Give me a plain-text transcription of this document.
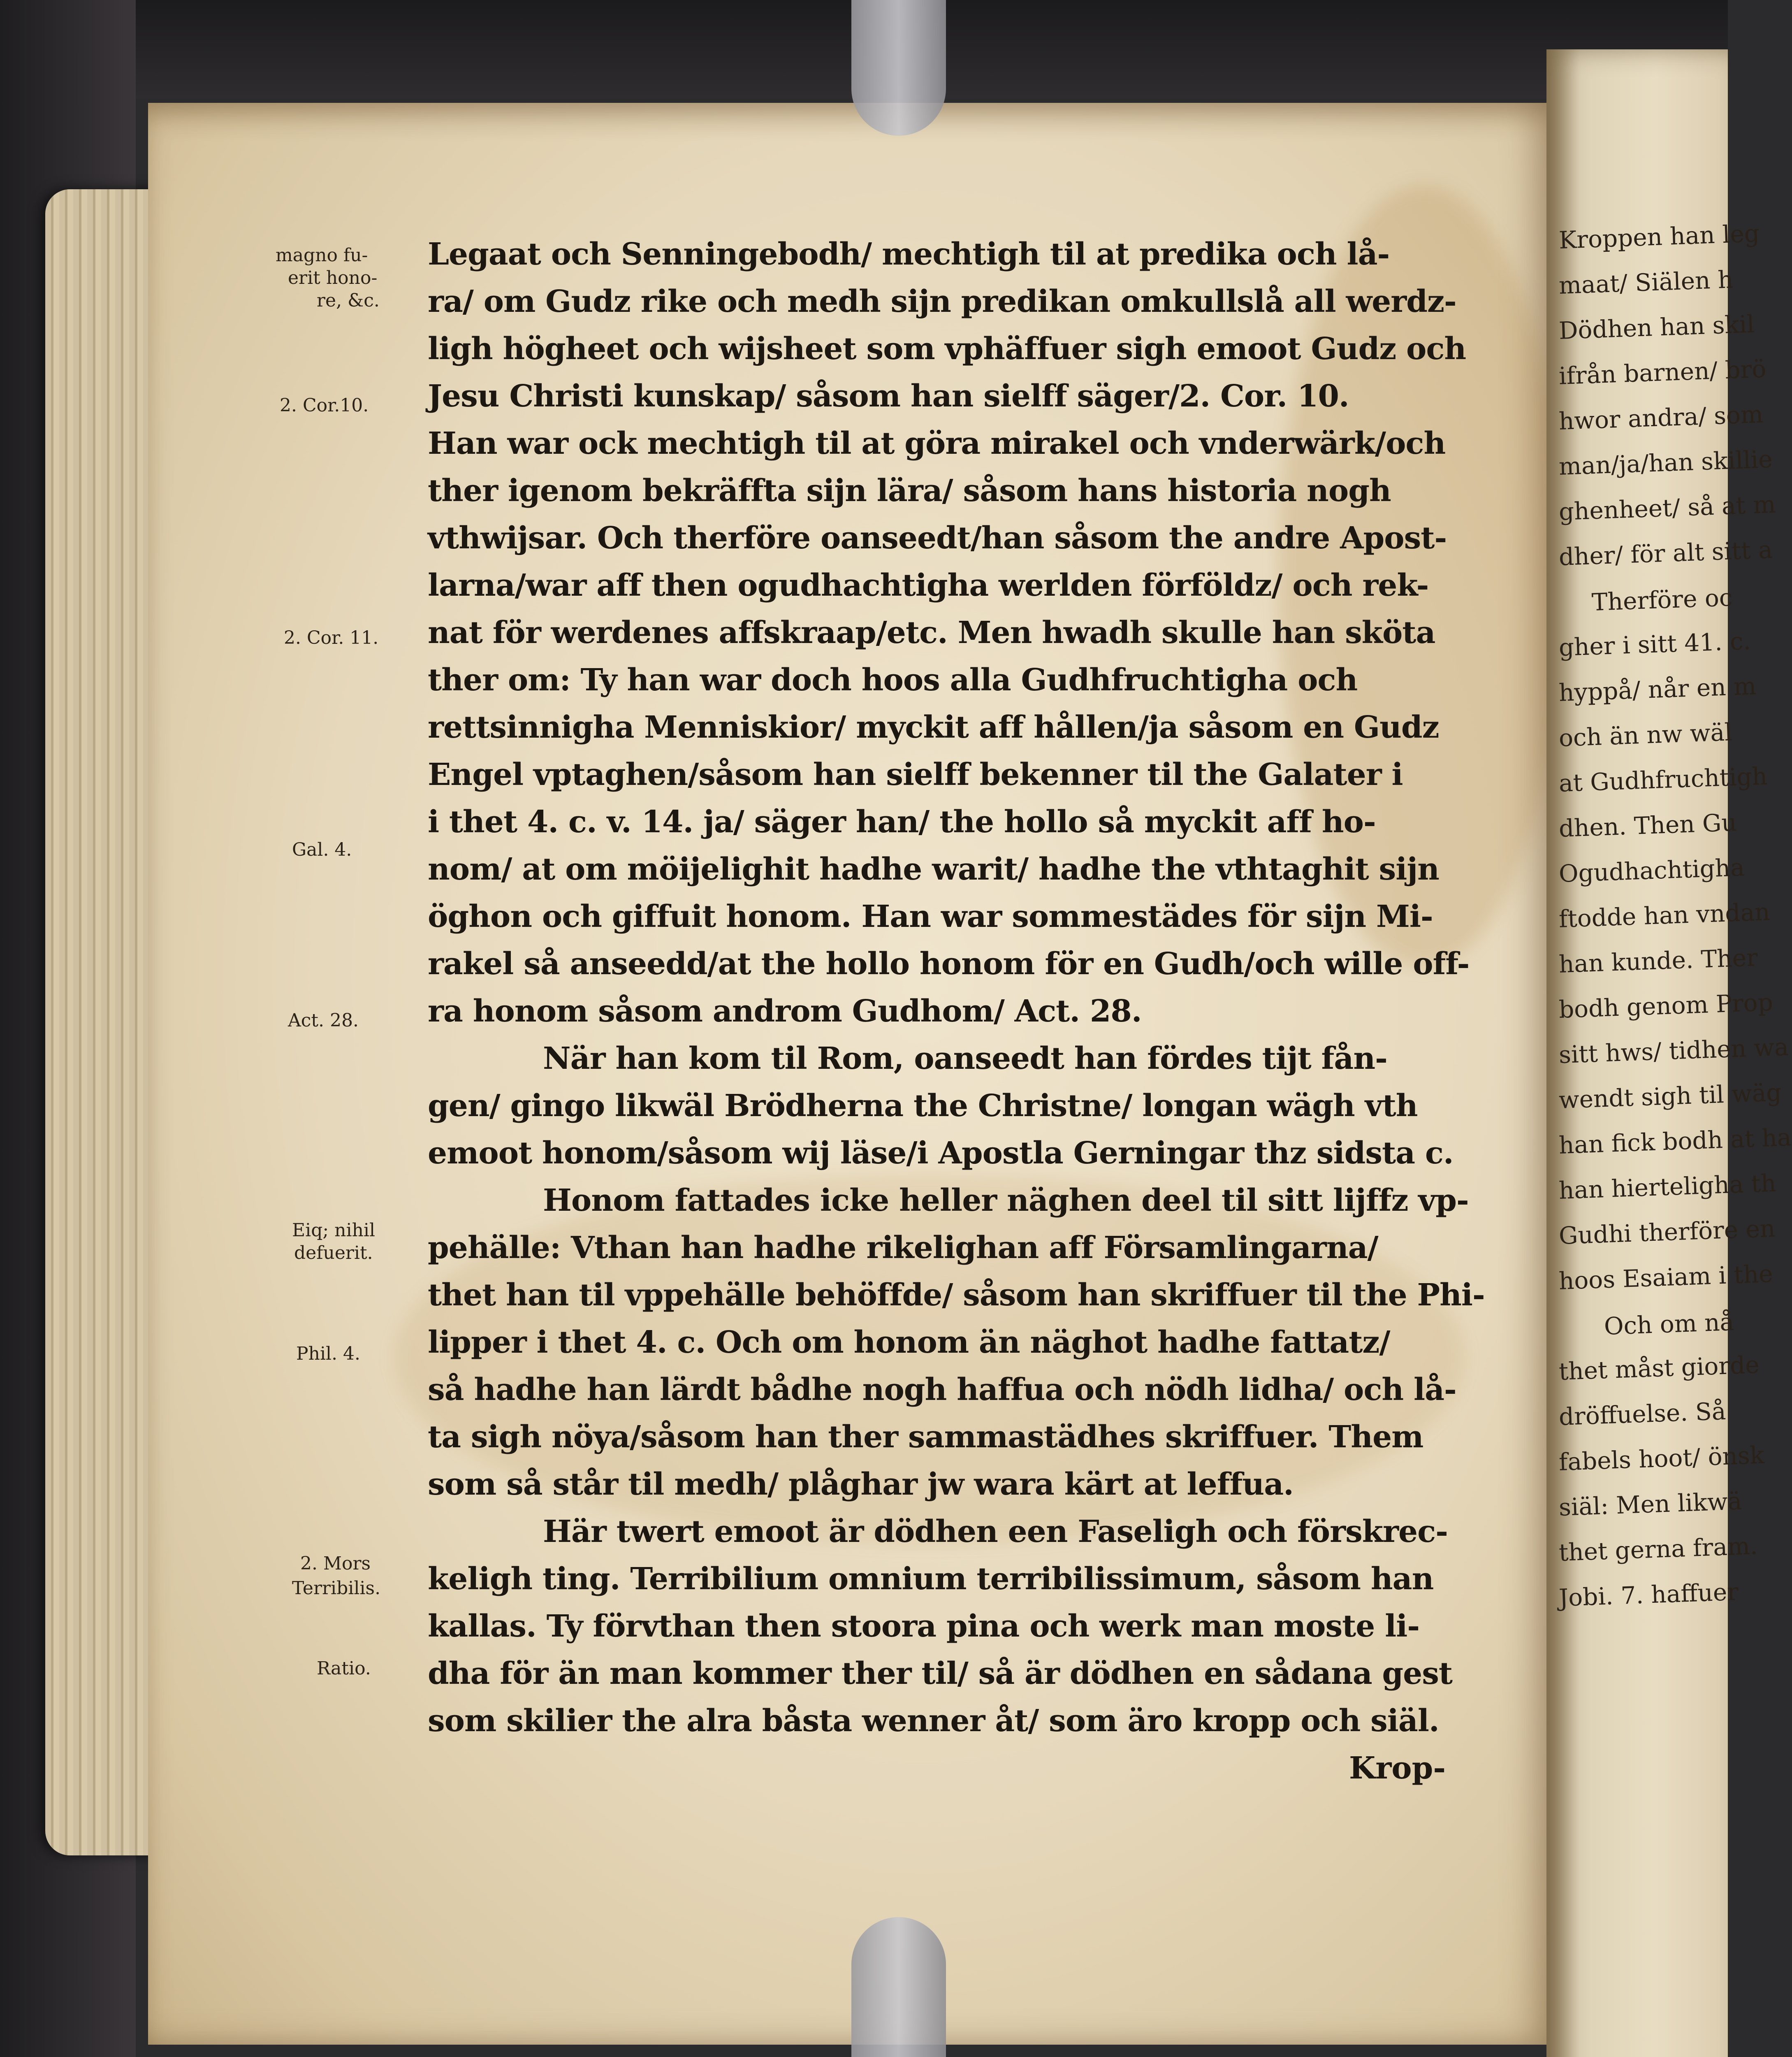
magno fu-
erit hono-
re, &c.
2. Cor.10.
2. Cor. 11.
Gal. 4.
Act. 28.
Eiq; nihil
defuerit.
Phil. 4.
2. Mors
Terribilis.
Ratio.
Legaat och Senningebodh/ mechtigh til at predika och lå-
ra/ om Gudz rike och medh sijn predikan omkullslå all werdz-
ligh högheet och wijsheet som vphäffuer sigh emoot Gudz och
Jesu Christi kunskap/ såsom han sielff säger/2. Cor. 10.
Han war ock mechtigh til at göra mirakel och vnderwärk/och
ther igenom bekräffta sijn lära/ såsom hans historia nogh
vthwijsar. Och therföre oanseedt/han såsom the andre Apost-
larna/war aff then ogudhachtigha werlden förföldz/ och rek-
nat för werdenes affskraap/etc. Men hwadh skulle han sköta
ther om: Ty han war doch hoos alla Gudhfruchtigha och
rettsinnigha Menniskior/ myckit aff hållen/ja såsom en Gudz
Engel vptaghen/såsom han sielff bekenner til the Galater i
i thet 4. c. v. 14. ja/ säger han/ the hollo så myckit aff ho-
nom/ at om möijelighit hadhe warit/ hadhe the vthtaghit sijn
öghon och giffuit honom. Han war sommestädes för sijn Mi-
rakel så anseedd/at the hollo honom för en Gudh/och wille off-
ra honom såsom androm Gudhom/ Act. 28.
När han kom til Rom, oanseedt han fördes tijt fån-
gen/ gingo likwäl Brödherna the Christne/ longan wägh vth
emoot honom/såsom wij läse/i Apostla Gerningar thz sidsta c.
Honom fattades icke heller näghen deel til sitt lijffz vp-
pehälle: Vthan han hadhe rikelighan aff Församlingarna/
thet han til vppehälle behöffde/ såsom han skriffuer til the Phi-
lipper i thet 4. c. Och om honom än näghot hadhe fattatz/
så hadhe han lärdt bådhe nogh haffua och nödh lidha/ och lå-
ta sigh nöya/såsom han ther sammastädhes skriffuer. Them
som så står til medh/ plåghar jw wara kärt at leffua.
Här twert emoot är dödhen een Faseligh och förskrec-
keligh ting. Terribilium omnium terribilissimum, såsom han
kallas. Ty förvthan then stoora pina och werk man moste li-
dha för än man kommer ther til/ så är dödhen en sådana gest
som skilier the alra båsta wenner åt/ som äro kropp och siäl.
Krop-
Kroppen han leg
maat/ Siälen h
Dödhen han skil
ifrån barnen/ brö
hwor andra/ som
man/ja/han skillie
ghenheet/ så at m
dher/ för alt sitt a
Therföre oc
gher i sitt 41. c.
hyppå/ når en m
och än nw wäl
at Gudhfruchtigh
dhen. Then Gu
Ogudhachtigha
ftodde han vndan
han kunde. Ther
bodh genom Prop
sitt hws/ tidhen wa
wendt sigh til wäg
han fick bodh at ha
han hierteligha th
Gudhi therföre en
hoos Esaiam i the
Och om nå
thet måst giorde
dröffuelse. Så
fabels hoot/ önsk
siäl: Men likwä
thet gerna fram.
Jobi. 7. haffuer
